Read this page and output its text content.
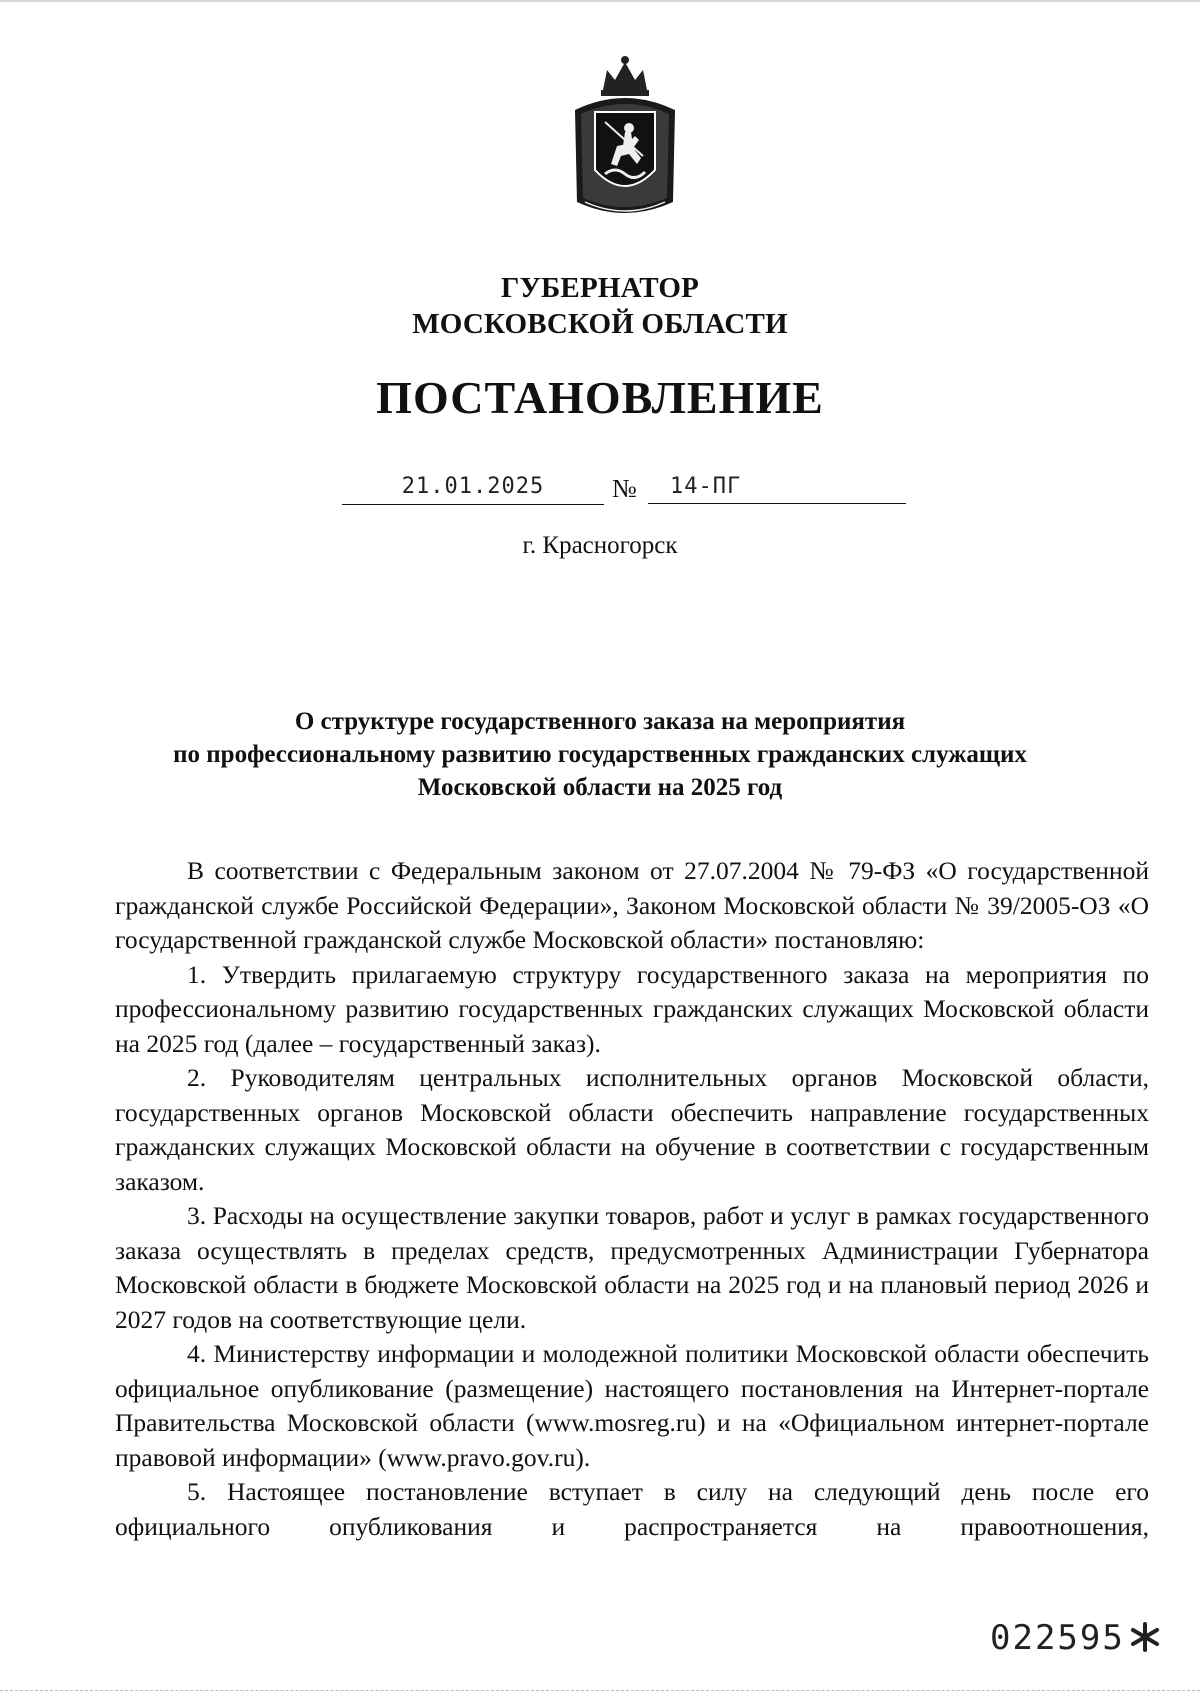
ГУБЕРНАТОР
МОСКОВСКОЙ ОБЛАСТИ
ПОСТАНОВЛЕНИЕ
21.01.2025	№	14-ПГ
г. Красногорск
О структуре государственного заказа на мероприятия
по профессиональному развитию государственных гражданских служащих
Московской области на 2025 год

В соответствии с Федеральным законом от 27.07.2004 № 79-ФЗ «О государственной гражданской службе Российской Федерации», Законом Московской области № 39/2005-ОЗ «О государственной гражданской службе Московской области» постановляю:

1. Утвердить прилагаемую структуру государственного заказа на мероприятия по профессиональному развитию государственных гражданских служащих Московской области на 2025 год (далее – государственный заказ).

2. Руководителям центральных исполнительных органов Московской области, государственных органов Московской области обеспечить направление государственных гражданских служащих Московской области на обучение в соответствии с государственным заказом.

3. Расходы на осуществление закупки товаров, работ и услуг в рамках государственного заказа осуществлять в пределах средств, предусмотренных Администрации Губернатора Московской области в бюджете Московской области на 2025 год и на плановый период 2026 и 2027 годов на соответствующие цели.

4. Министерству информации и молодежной политики Московской области обеспечить официальное опубликование (размещение) настоящего постановления на Интернет-портале Правительства Московской области (www.mosreg.ru) и на «Официальном интернет-портале правовой информации» (www.pravo.gov.ru).

5. Настоящее постановление вступает в силу на следующий день после его официального опубликования и распространяется на правоотношения,

022595
